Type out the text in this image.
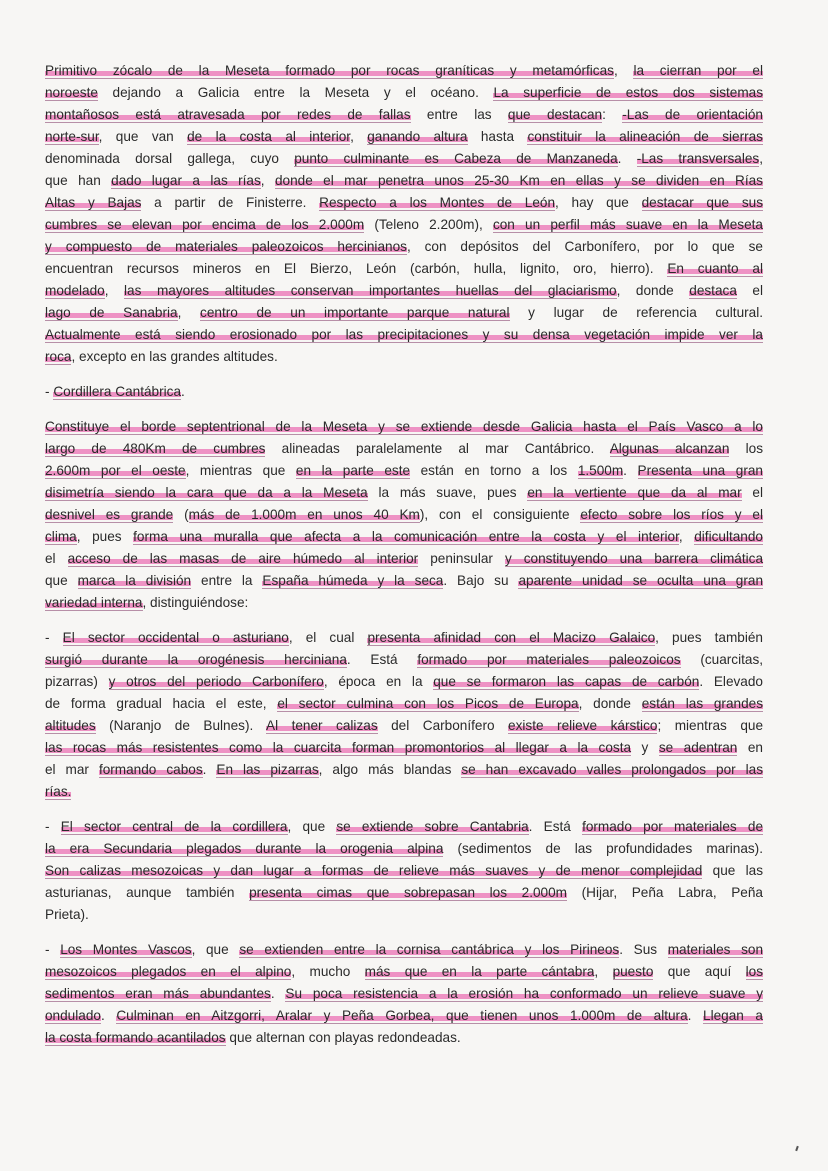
Primitivo zócalo de la Meseta formado por rocas graníticas y metamórficas, la cierran por el
noroeste dejando a Galicia entre la Meseta y el océano. La superficie de estos dos sistemas
montañosos está atravesada por redes de fallas entre las que destacan: -Las de orientación
norte-sur, que van de la costa al interior, ganando altura hasta constituir la alineación de sierras
denominada dorsal gallega, cuyo punto culminante es Cabeza de Manzaneda. -Las transversales,
que han dado lugar a las rías, donde el mar penetra unos 25-30 Km en ellas y se dividen en Rías
Altas y Bajas a partir de Finisterre. Respecto a los Montes de León, hay que destacar que sus
cumbres se elevan por encima de los 2.000m (Teleno 2.200m), con un perfil más suave en la Meseta
y compuesto de materiales paleozoicos hercinianos, con depósitos del Carbonífero, por lo que se
encuentran recursos mineros en El Bierzo, León (carbón, hulla, lignito, oro, hierro). En cuanto al
modelado, las mayores altitudes conservan importantes huellas del glaciarismo, donde destaca el
lago de Sanabria, centro de un importante parque natural y lugar de referencia cultural.
Actualmente está siendo erosionado por las precipitaciones y su densa vegetación impide ver la
roca, excepto en las grandes altitudes.
- Cordillera Cantábrica.
Constituye el borde septentrional de la Meseta y se extiende desde Galicia hasta el País Vasco a lo
largo de 480Km de cumbres alineadas paralelamente al mar Cantábrico. Algunas alcanzan los
2.600m por el oeste, mientras que en la parte este están en torno a los 1.500m. Presenta una gran
disimetría siendo la cara que da a la Meseta la más suave, pues en la vertiente que da al mar el
desnivel es grande (más de 1.000m en unos 40 Km), con el consiguiente efecto sobre los ríos y el
clima, pues forma una muralla que afecta a la comunicación entre la costa y el interior, dificultando
el acceso de las masas de aire húmedo al interior peninsular y constituyendo una barrera climática
que marca la división entre la España húmeda y la seca. Bajo su aparente unidad se oculta una gran
variedad interna, distinguiéndose:
- El sector occidental o asturiano, el cual presenta afinidad con el Macizo Galaico, pues también
surgió durante la orogénesis herciniana. Está formado por materiales paleozoicos (cuarcitas,
pizarras) y otros del periodo Carbonífero, época en la que se formaron las capas de carbón. Elevado
de forma gradual hacia el este, el sector culmina con los Picos de Europa, donde están las grandes
altitudes (Naranjo de Bulnes). Al tener calizas del Carbonífero existe relieve kárstico; mientras que
las rocas más resistentes como la cuarcita forman promontorios al llegar a la costa y se adentran en
el mar formando cabos. En las pizarras, algo más blandas se han excavado valles prolongados por las
rías.
- El sector central de la cordillera, que se extiende sobre Cantabria. Está formado por materiales de
la era Secundaria plegados durante la orogenia alpina (sedimentos de las profundidades marinas).
Son calizas mesozoicas y dan lugar a formas de relieve más suaves y de menor complejidad que las
asturianas, aunque también presenta cimas que sobrepasan los 2.000m (Hijar, Peña Labra, Peña
Prieta).
- Los Montes Vascos, que se extienden entre la cornisa cantábrica y los Pirineos. Sus materiales son
mesozoicos plegados en el alpino, mucho más que en la parte cántabra, puesto que aquí los
sedimentos eran más abundantes. Su poca resistencia a la erosión ha conformado un relieve suave y
ondulado. Culminan en Aitzgorri, Aralar y Peña Gorbea, que tienen unos 1.000m de altura. Llegan a
la costa formando acantilados que alternan con playas redondeadas.
